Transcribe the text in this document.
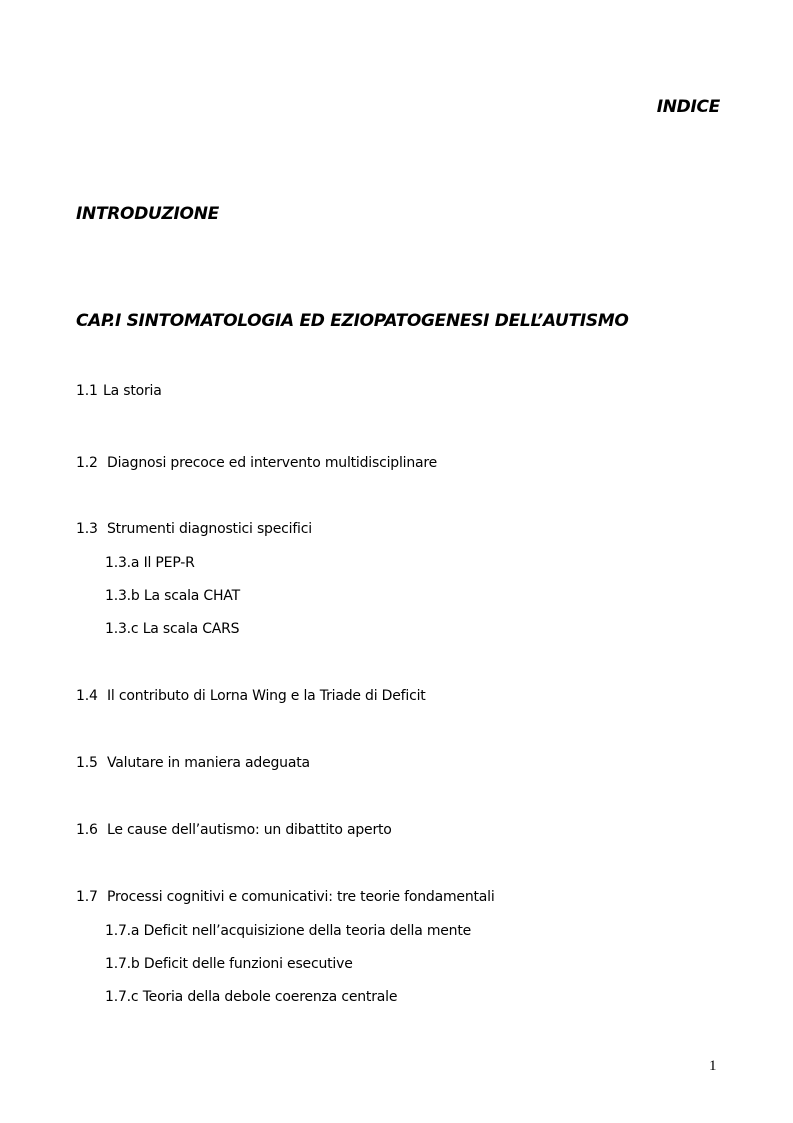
INDICE
INTRODUZIONE
CAP.I SINTOMATOLOGIA ED EZIOPATOGENESI DELL’AUTISMO
1.1 La storia
1.2 Diagnosi precoce ed intervento multidisciplinare
1.3 Strumenti diagnostici specifici
1.3.a Il PEP-R
1.3.b La scala CHAT
1.3.c La scala CARS
1.4 Il contributo di Lorna Wing e la Triade di Deficit
1.5 Valutare in maniera adeguata
1.6 Le cause dell’autismo: un dibattito aperto
1.7 Processi cognitivi e comunicativi: tre teorie fondamentali
1.7.a Deficit nell’acquisizione della teoria della mente
1.7.b Deficit delle funzioni esecutive
1.7.c Teoria della debole coerenza centrale
1
